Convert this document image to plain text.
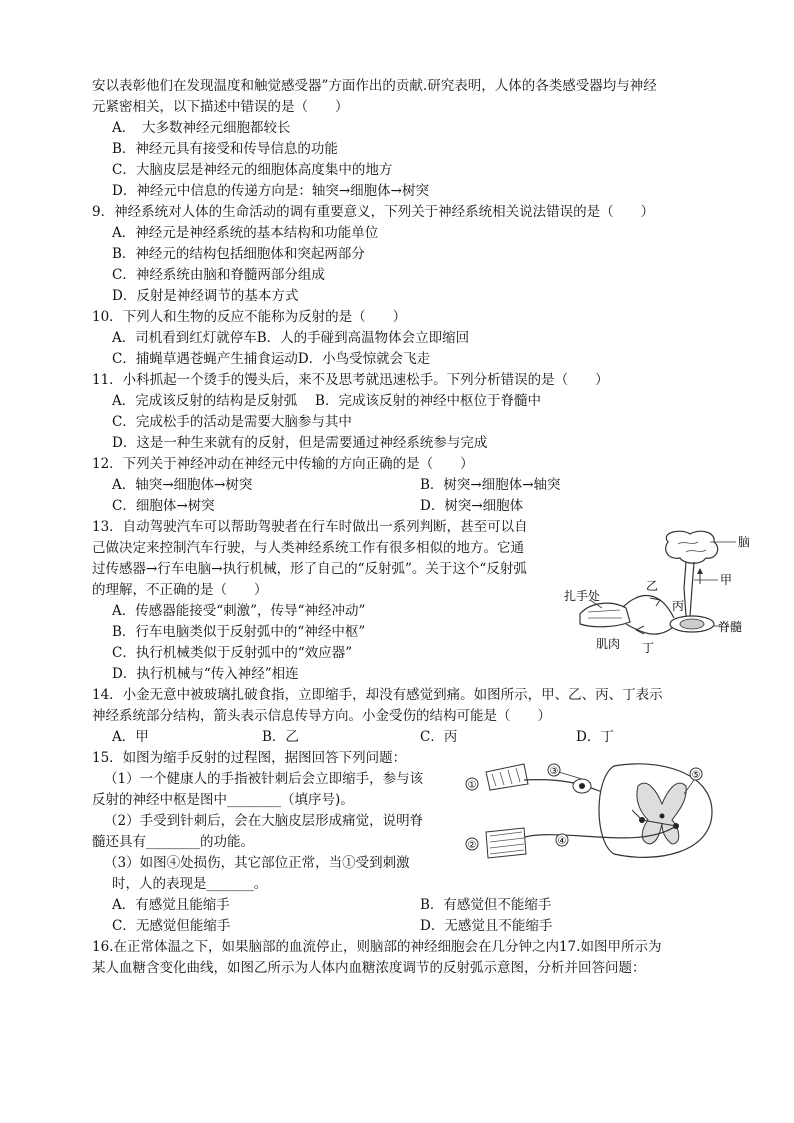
安以表彰他们在发现温度和触觉感受器”方面作出的贡献.研究表明，人体的各类感受器均与神经
元紧密相关，以下描述中错误的是（　　）
A．　大多数神经元细胞都较长
B．神经元具有接受和传导信息的功能
C．大脑皮层是神经元的细胞体高度集中的地方
D．神经元中信息的传递方向是：轴突→细胞体→树突
9．神经系统对人体的生命活动的调有重要意义，下列关于神经系统相关说法错误的是（　　）
A．神经元是神经系统的基本结构和功能单位
B．神经元的结构包括细胞体和突起两部分
C．神经系统由脑和脊髓两部分组成
D．反射是神经调节的基本方式
10．下列人和生物的反应不能称为反射的是（　　）
A．司机看到红灯就停车B．人的手碰到高温物体会立即缩回
C．捕蝇草遇苍蝇产生捕食运动D．小鸟受惊就会飞走
11．小科抓起一个烫手的馒头后，来不及思考就迅速松手。下列分析错误的是（　　）
A．完成该反射的结构是反射弧　 B．完成该反射的神经中枢位于脊髓中
C．完成松手的活动是需要大脑参与其中
D．这是一种生来就有的反射，但是需要通过神经系统参与完成
12．下列关于神经冲动在神经元中传输的方向正确的是（　　）
A．轴突→细胞体→树突	B．树突→细胞体→轴突
C．细胞体→树突	D．树突→细胞体
13．自动驾驶汽车可以帮助驾驶者在行车时做出一系列判断，甚至可以自
己做决定来控制汽车行驶，与人类神经系统工作有很多相似的地方。它通
过传感器→行车电脑→执行机械，形了自己的“反射弧”。关于这个“反射弧
的理解，不正确的是（　　）
A．传感器能接受“刺激”，传导“神经冲动”
B．行车电脑类似于反射弧中的“神经中枢”
C．执行机械类似于反射弧中的“效应器”
D．执行机械与“传入神经”相连
脑
甲
脊髓
丙
乙
丁
扎手处
肌肉
14．小金无意中被玻璃扎破食指，立即缩手，却没有感觉到痛。如图所示，甲、乙、丙、丁表示
神经系统部分结构，箭头表示信息传导方向。小金受伤的结构可能是（　　）
A．甲	B．乙	C．丙	D．丁
15．如图为缩手反射的过程图，据图回答下列问题：
（1）一个健康人的手指被针刺后会立即缩手，参与该
反射的神经中枢是图中________（填序号)。
（2）手受到针刺后，会在大脑皮层形成痛觉，说明脊
髓还具有________的功能。
（3）如图④处损伤，其它部位正常，当①受到刺激
时，人的表现是_______。
A．有感觉且能缩手	B．有感觉但不能缩手
C．无感觉但能缩手	D．无感觉且不能缩手
①
③	⑤
④
②
16.在正常体温之下，如果脑部的血流停止，则脑部的神经细胞会在几分钟之内17.如图甲所示为
某人血糖含变化曲线，如图乙所示为人体内血糖浓度调节的反射弧示意图，分析并回答问题：
